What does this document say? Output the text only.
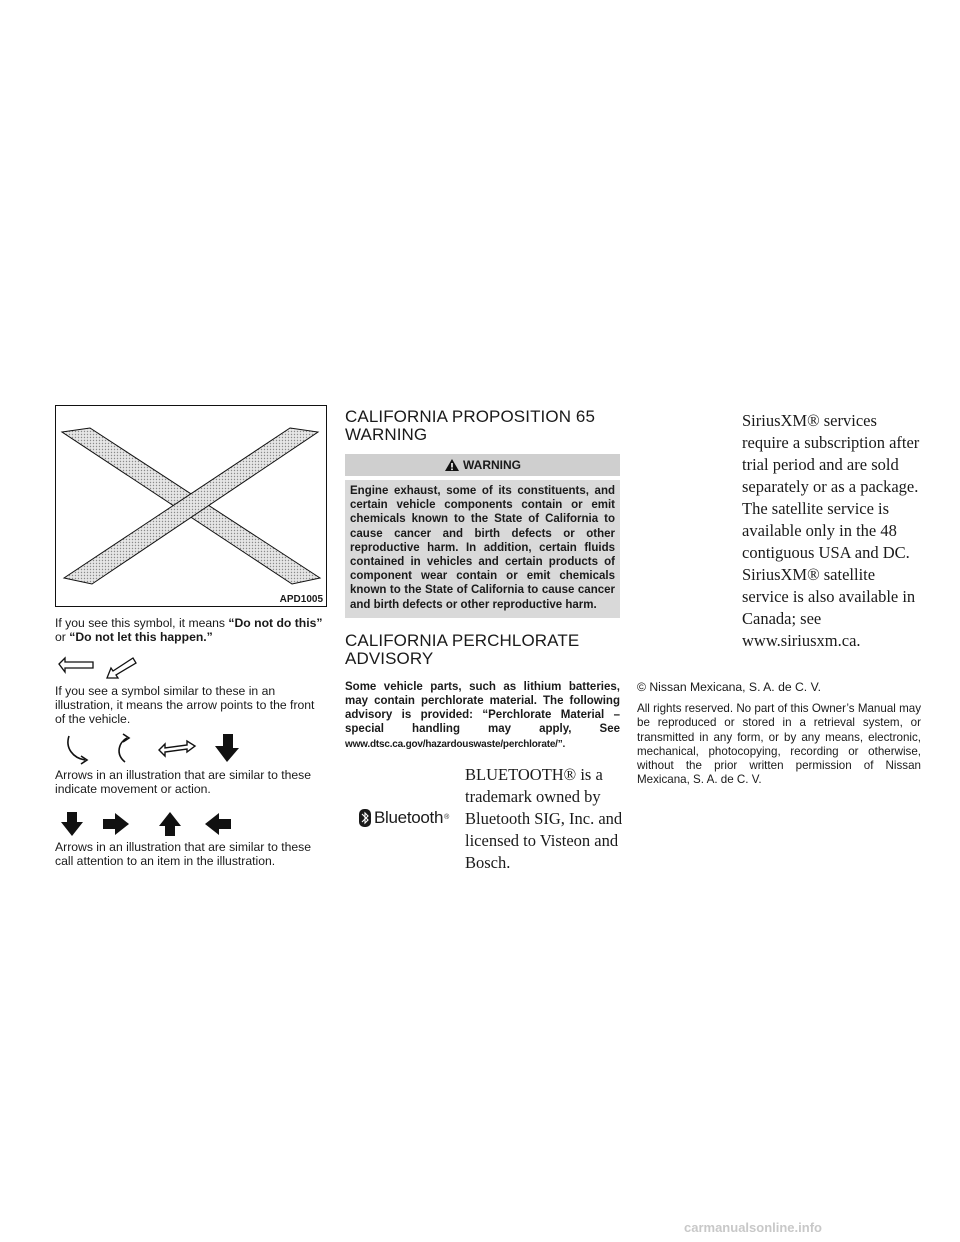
APD1005

If you see this symbol, it means “Do not do this”
or “Do not let this happen.”

If you see a symbol similar to these in an illustration, it means the arrow points to the front of the vehicle.

Arrows in an illustration that are similar to these indicate movement or action.

Arrows in an illustration that are similar to these call attention to an item in the illustration.

CALIFORNIA PROPOSITION 65
WARNING
WARNING
Engine exhaust, some of its constituents, and certain vehicle components contain or emit chemicals known to the State of California to cause cancer and birth defects or other reproductive harm. In addition, certain fluids contained in vehicles and certain products of component wear contain or emit chemicals known to the State of California to cause cancer and birth defects or other reproductive harm.
CALIFORNIA PERCHLORATE
ADVISORY
Some vehicle parts, such as lithium batteries, may contain perchlorate material. The following advisory is provided: “Perchlorate Material – special handling may apply, See www.dtsc.ca.gov/hazardouswaste/perchlorate/”.
Bluetooth ®
BLUETOOTH® is a trademark owned by Bluetooth SIG, Inc. and licensed to Visteon and Bosch.
SiriusXM® services require a subscription after trial period and are sold separately or as a package. The satellite service is available only in the 48 contiguous USA and DC. SiriusXM® satellite service is also available in Canada; see www.siriusxm.ca.

© Nissan Mexicana, S. A. de C. V.

All rights reserved. No part of this Owner’s Manual may be reproduced or stored in a retrieval system, or transmitted in any form, or by any means, electronic, mechanical, photocopying, recording or otherwise, without the prior written permission of Nissan Mexicana, S. A. de C. V.

carmanualsonline.info
